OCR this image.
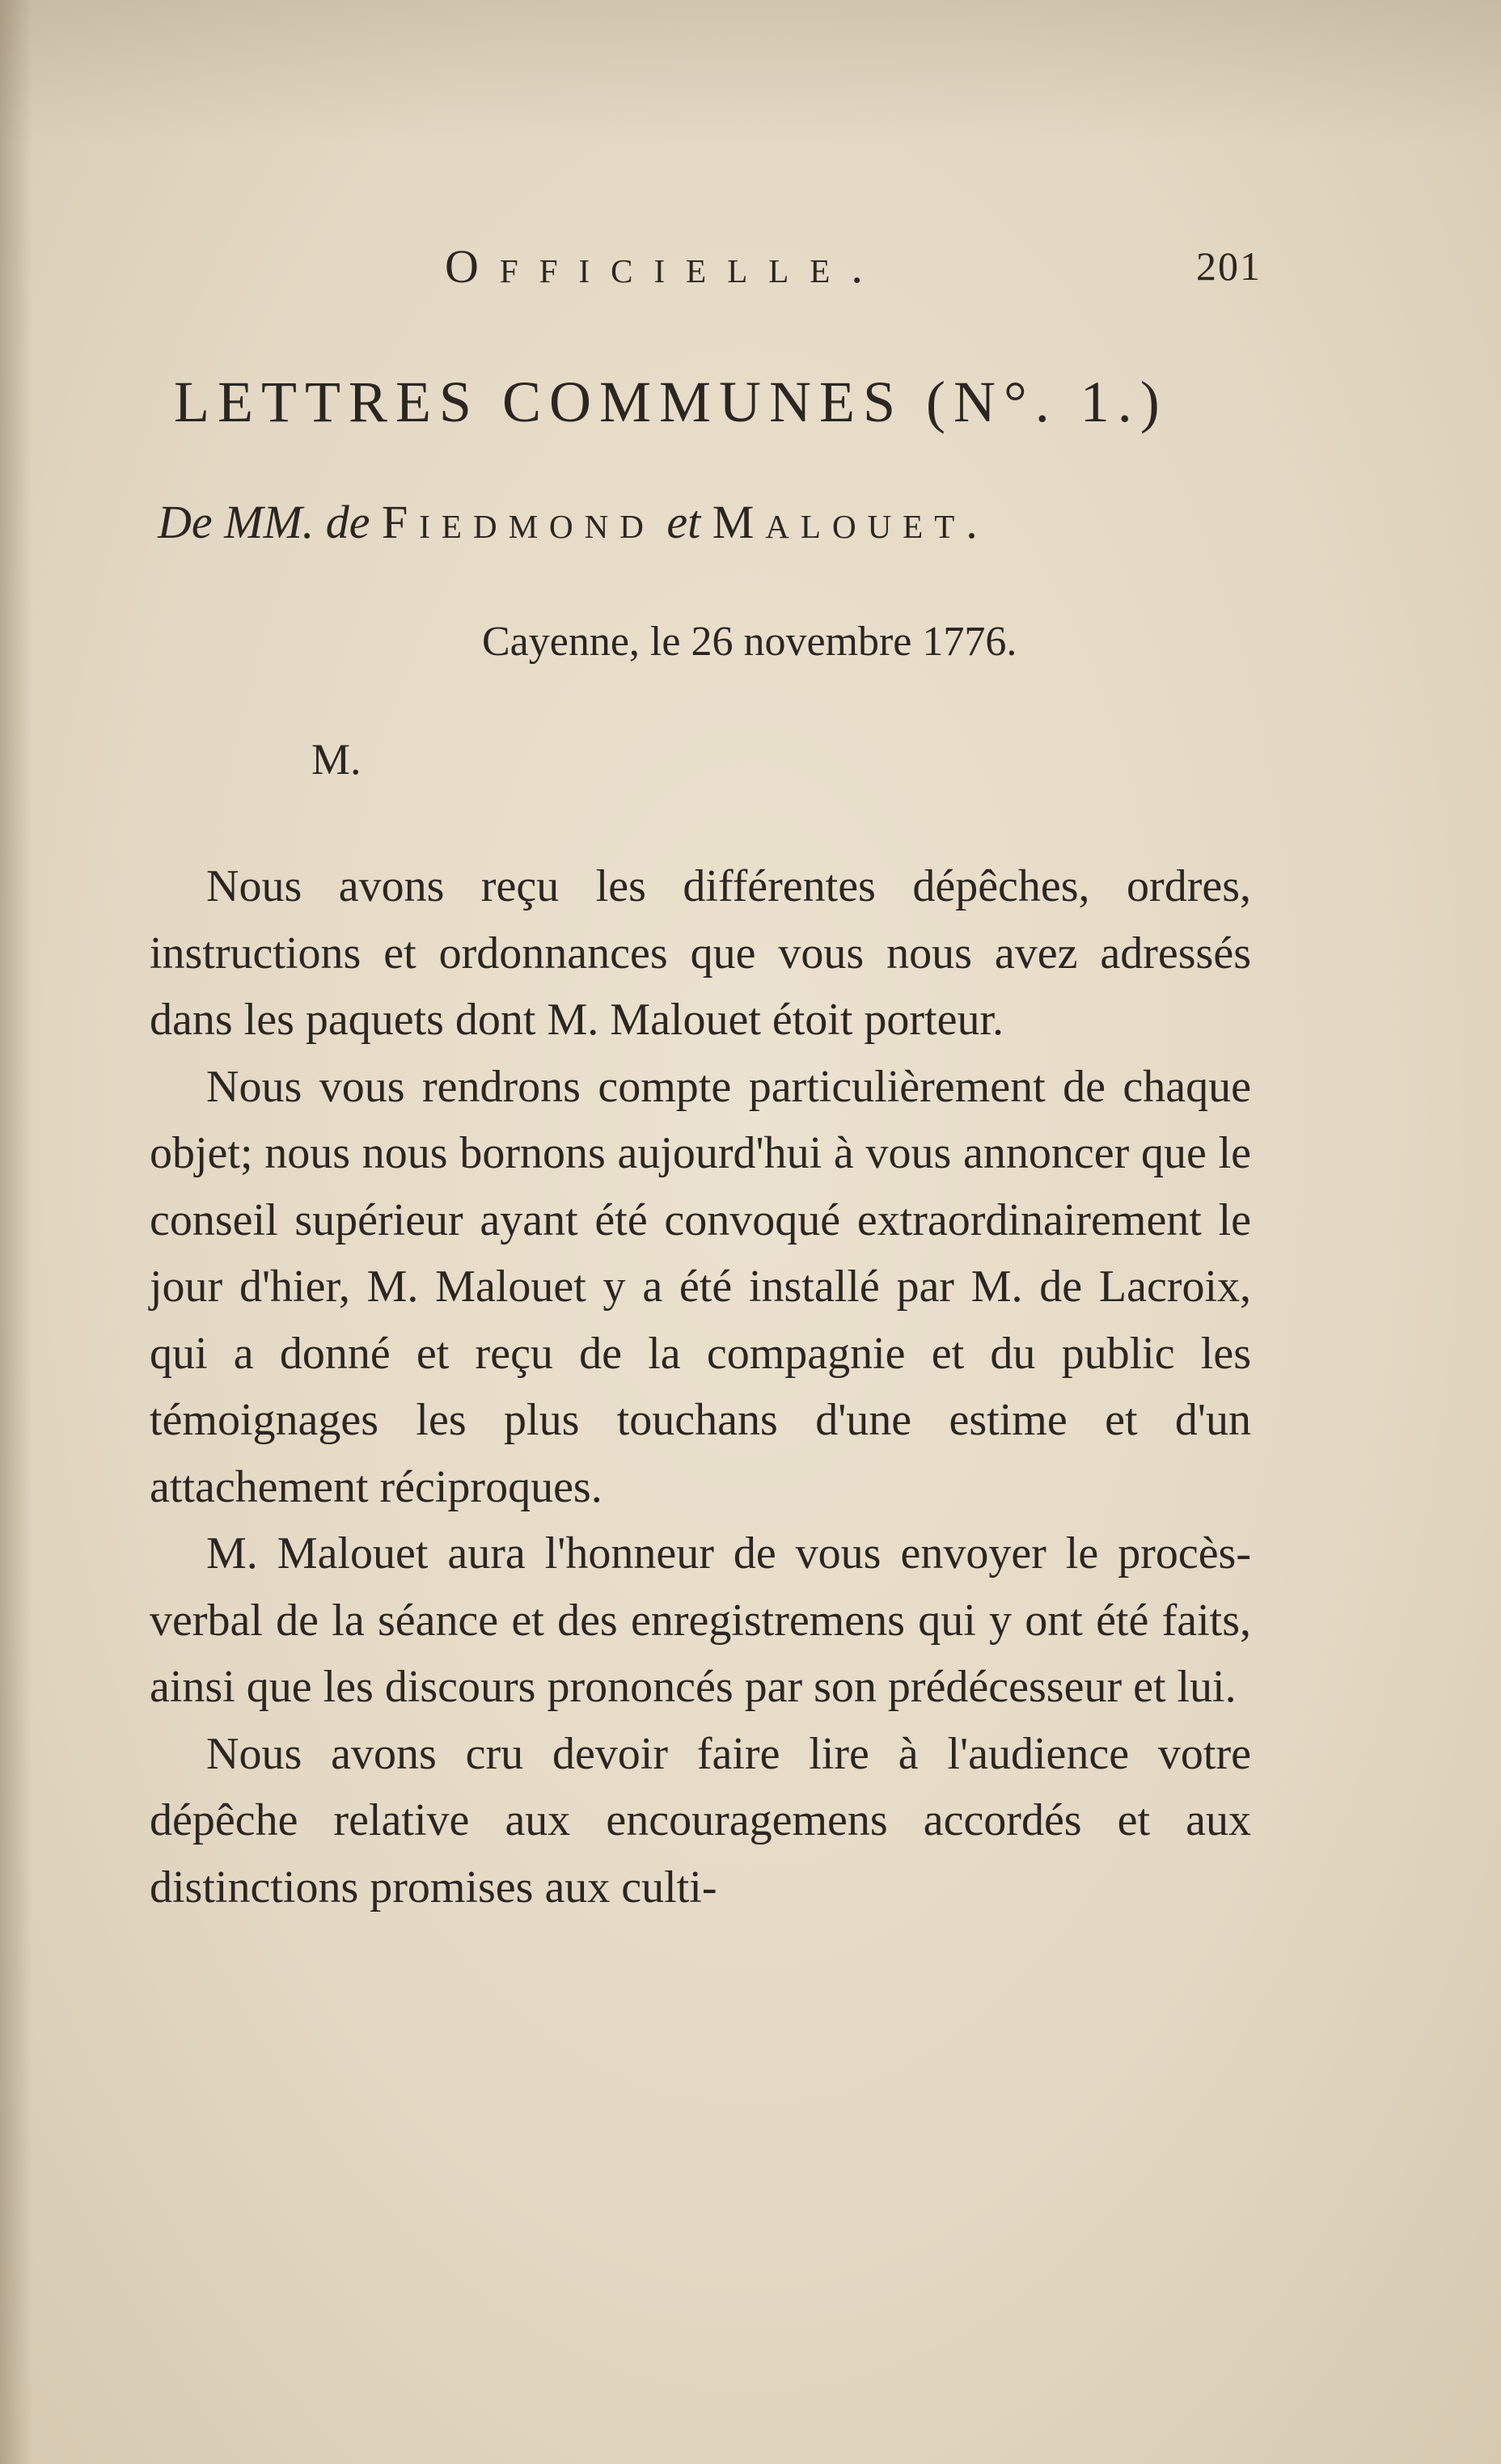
Officielle.	201
LETTRES COMMUNES (N°. 1.)
De MM. de Fiedmond et Malouet.
Cayenne, le 26 novembre 1776.
M.

Nous avons reçu les différentes dépêches, ordres, instructions et ordonnances que vous nous avez adressés dans les paquets dont M. Malouet étoit porteur.

Nous vous rendrons compte particulièrement de chaque objet; nous nous bornons aujourd'hui à vous annoncer que le conseil supérieur ayant été convoqué extraordinairement le jour d'hier, M. Malouet y a été installé par M. de Lacroix, qui a donné et reçu de la compagnie et du public les témoignages les plus touchans d'une estime et d'un attachement réciproques.

M. Malouet aura l'honneur de vous envoyer le procès-verbal de la séance et des enregistremens qui y ont été faits, ainsi que les discours prononcés par son prédécesseur et lui.

Nous avons cru devoir faire lire à l'audience votre dépêche relative aux encouragemens accordés et aux distinctions promises aux culti-
